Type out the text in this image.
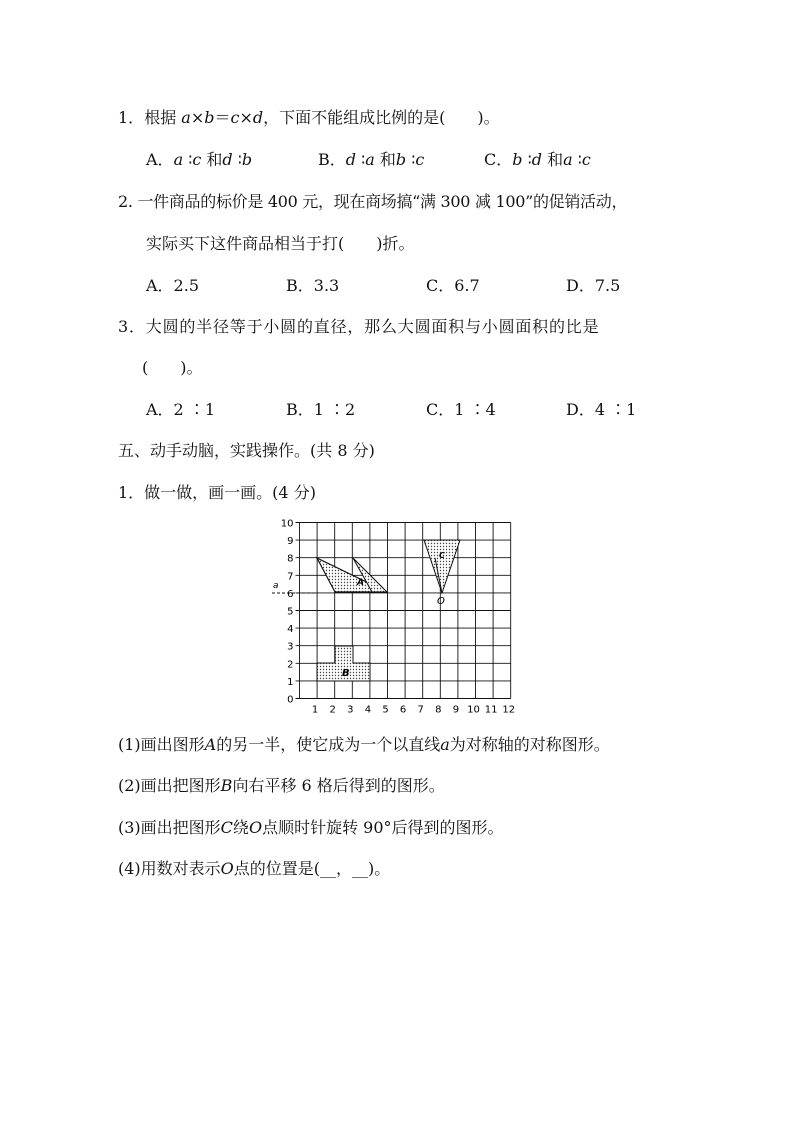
1．根据 a×b＝c×d，下面不能组成比例的是(　　)。
A．a ∶c 和d ∶b	B．d ∶a 和b ∶c	C．b ∶d 和a ∶c
2. 一件商品的标价是 400 元，现在商场搞“满 300 减 100”的促销活动，
实际买下这件商品相当于打(　　)折。
A．2.5	B．3.3	C．6.7	D．7.5
3．大圆的半径等于小圆的直径，那么大圆面积与小圆面积的比是
(　　)。
A．2 ∶1	B．1 ∶2	C．1 ∶4	D．4 ∶1
五、动手动脑，实践操作。(共 8 分)
1．做一做，画一画。(4 分)
1 2 3 4 5 6 7 8 9 10 11 12
0
1
2
3
4
5
6
7
8
9
10
A
B
C
O
a
(1)画出图形A的另一半，使它成为一个以直线a为对称轴的对称图形。
(2)画出把图形B向右平移 6 格后得到的图形。
(3)画出把图形C绕O点顺时针旋转 90°后得到的图形。
(4)用数对表示O点的位置是(__，__)。
